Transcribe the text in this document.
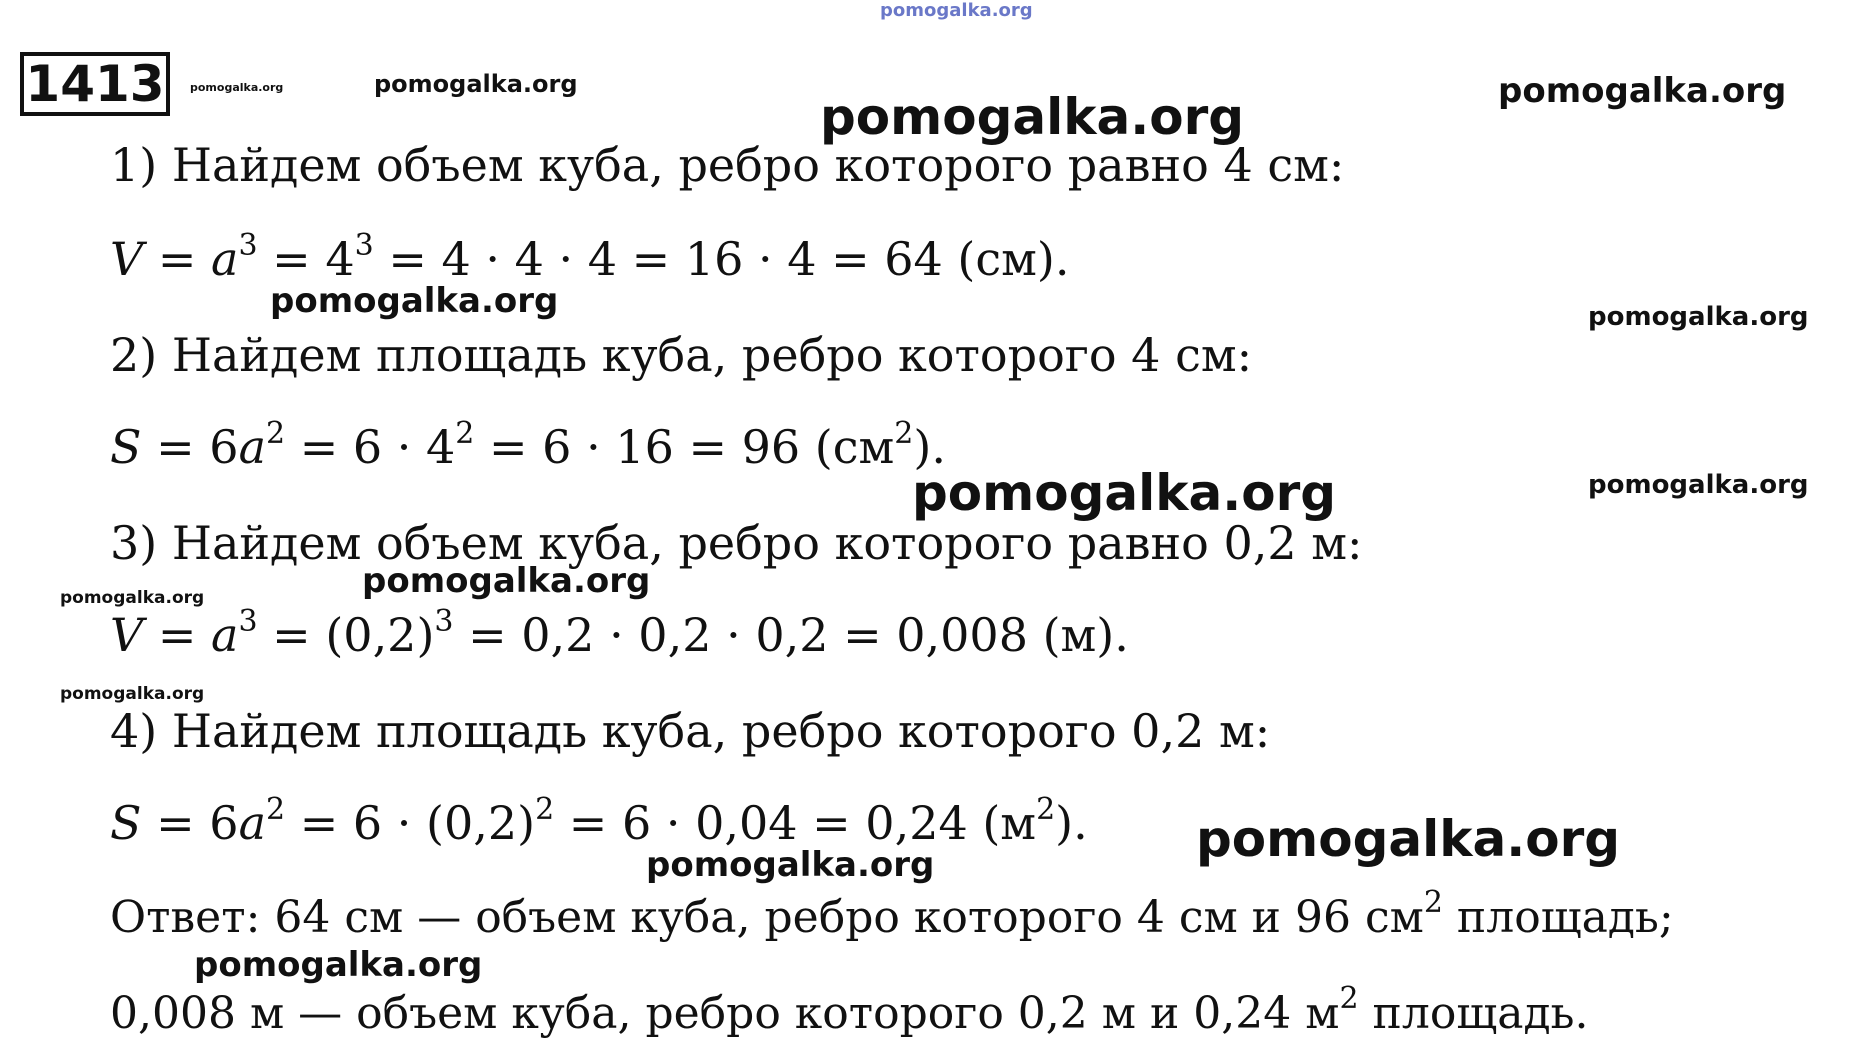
pomogalka.org
pomogalka.org	pomogalka.org
pomogalka.org	pomogalka.org
pomogalka.org	pomogalka.org
pomogalka.org	pomogalka.org
pomogalka.org	pomogalka.org
pomogalka.org
pomogalka.org
pomogalka.org
pomogalka.org
1413
1) Найдем объем куба, ребро которого равно 4 см:
$V = a^3 = 4^3 = 4 \cdot 4 \cdot 4 = 16 \cdot 4 = 64$ (см).
2) Найдем площадь куба, ребро которого 4 см:
$S = 6a^2 = 6 \cdot 4^2 = 6 \cdot 16 = 96$ $(см^2)$.
3) Найдем объем куба, ребро которого равно 0,2 м:
$V = a^3 = (0,2)^3 = 0,2 \cdot 0,2 \cdot 0,2 = 0,008$ (м).
4) Найдем площадь куба, ребро которого 0,2 м:
$S = 6a^2 = 6 \cdot (0,2)^2 = 6 \cdot 0,04 = 0,24$ $(м^2)$.
Ответ: 64 см — объем куба, ребро которого 4 см и 96 $см^2$ площадь;
0,008 м — объем куба, ребро которого 0,2 м и 0,24 $м^2$ площадь.
